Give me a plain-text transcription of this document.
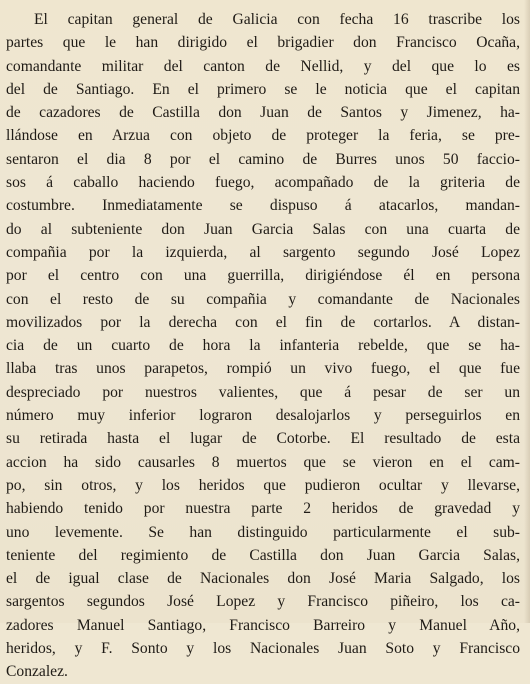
El capitan general de Galicia con fecha 16 trascribe los
partes que le han dirigido el brigadier don Francisco Ocaña,
comandante militar del canton de Nellid, y del que lo es
del de Santiago. En el primero se le noticia que el capitan
de cazadores de Castilla don Juan de Santos y Jimenez, ha-
llándose en Arzua con objeto de proteger la feria, se pre-
sentaron el dia 8 por el camino de Burres unos 50 faccio-
sos á caballo haciendo fuego, acompañado de la griteria de
costumbre. Inmediatamente se dispuso á atacarlos, mandan-
do al subteniente don Juan Garcia Salas con una cuarta de
compañia por la izquierda, al sargento segundo José Lopez
por el centro con una guerrilla, dirigiéndose él en persona
con el resto de su compañia y comandante de Nacionales
movilizados por la derecha con el fin de cortarlos. A distan-
cia de un cuarto de hora la infanteria rebelde, que se ha-
llaba tras unos parapetos, rompió un vivo fuego, el que fue
despreciado por nuestros valientes, que á pesar de ser un
número muy inferior lograron desalojarlos y perseguirlos en
su retirada hasta el lugar de Cotorbe. El resultado de esta
accion ha sido causarles 8 muertos que se vieron en el cam-
po, sin otros, y los heridos que pudieron ocultar y llevarse,
habiendo tenido por nuestra parte 2 heridos de gravedad y
uno levemente. Se han distinguido particularmente el sub-
teniente del regimiento de Castilla don Juan Garcia Salas,
el de igual clase de Nacionales don José Maria Salgado, los
sargentos segundos José Lopez y Francisco piñeiro, los ca-
zadores Manuel Santiago, Francisco Barreiro y Manuel Año,
heridos, y F. Sonto y los Nacionales Juan Soto y Francisco
Conzalez.
